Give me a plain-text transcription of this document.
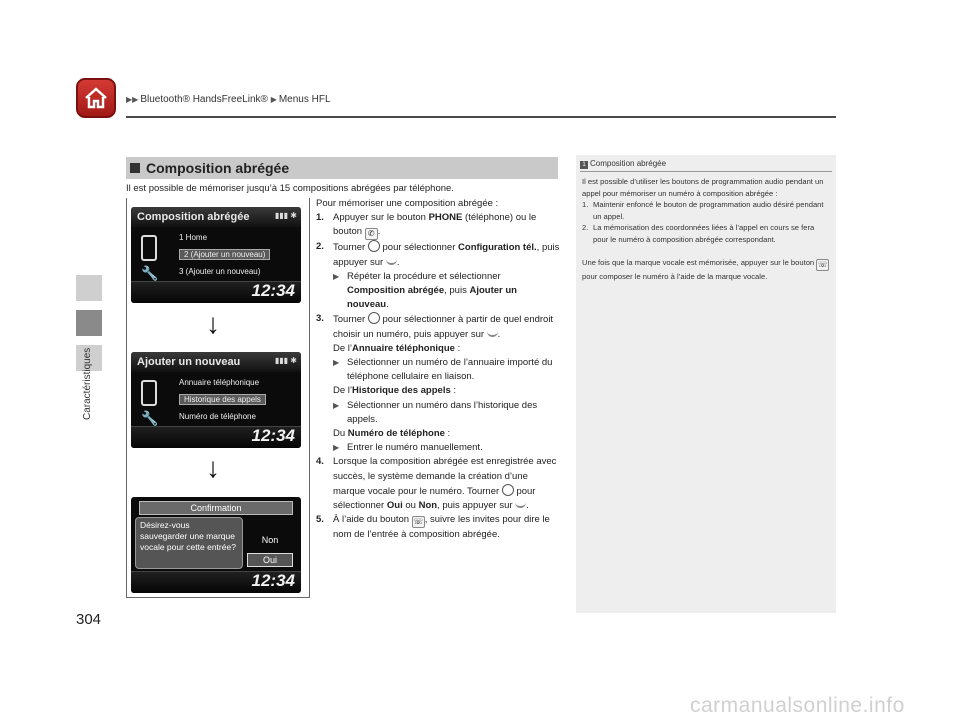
▶▶ Bluetooth® HandsFreeLink® ▶ Menus HFL
Caractéristiques
304
Composition abrégée
Il est possible de mémoriser jusqu’à 15 compositions abrégées par téléphone.
Composition abrégée	▮▮▮ ✱
🔧
1 Home
2 (Ajouter un nouveau)
3 (Ajouter un nouveau)
12:34
↓
Ajouter un nouveau	▮▮▮ ✱
🔧
Annuaire téléphonique
Historique des appels
Numéro de téléphone
12:34
↓
Confirmation
Désirez-vous sauvegarder une marque vocale pour cette entrée?
Non
Oui
12:34
Pour mémoriser une composition abrégée :
1. Appuyer sur le bouton PHONE (téléphone) ou le bouton ✆ .
2. Tourner  pour sélectionner Configuration tél., puis appuyer sur .
▶ Répéter la procédure et sélectionner Composition abrégée, puis Ajouter un nouveau.
3. Tourner  pour sélectionner à partir de quel endroit choisir un numéro, puis appuyer sur .
De l’Annuaire téléphonique :
▶ Sélectionner un numéro de l’annuaire importé du téléphone cellulaire en liaison.
De l’Historique des appels :
▶ Sélectionner un numéro dans l’historique des appels.
Du Numéro de téléphone :
▶ Entrer le numéro manuellement.
4. Lorsque la composition abrégée est enregistrée avec succès, le système demande la création d’une marque vocale pour le numéro. Tourner  pour sélectionner Oui ou Non, puis appuyer sur .
5. À l’aide du bouton ☏ , suivre les invites pour dire le nom de l’entrée à composition abrégée.
1 Composition abrégée
Il est possible d’utiliser les boutons de programmation audio pendant un appel pour mémoriser un numéro à composition abrégée :
1. Maintenir enfoncé le bouton de programmation audio désiré pendant un appel.
2. La mémorisation des coordonnées liées à l’appel en cours se fera pour le numéro à composition abrégée correspondant.
Une fois que la marque vocale est mémorisée, appuyer sur le bouton ☏ pour composer le numéro à l’aide de la marque vocale.
carmanualsonline.info
